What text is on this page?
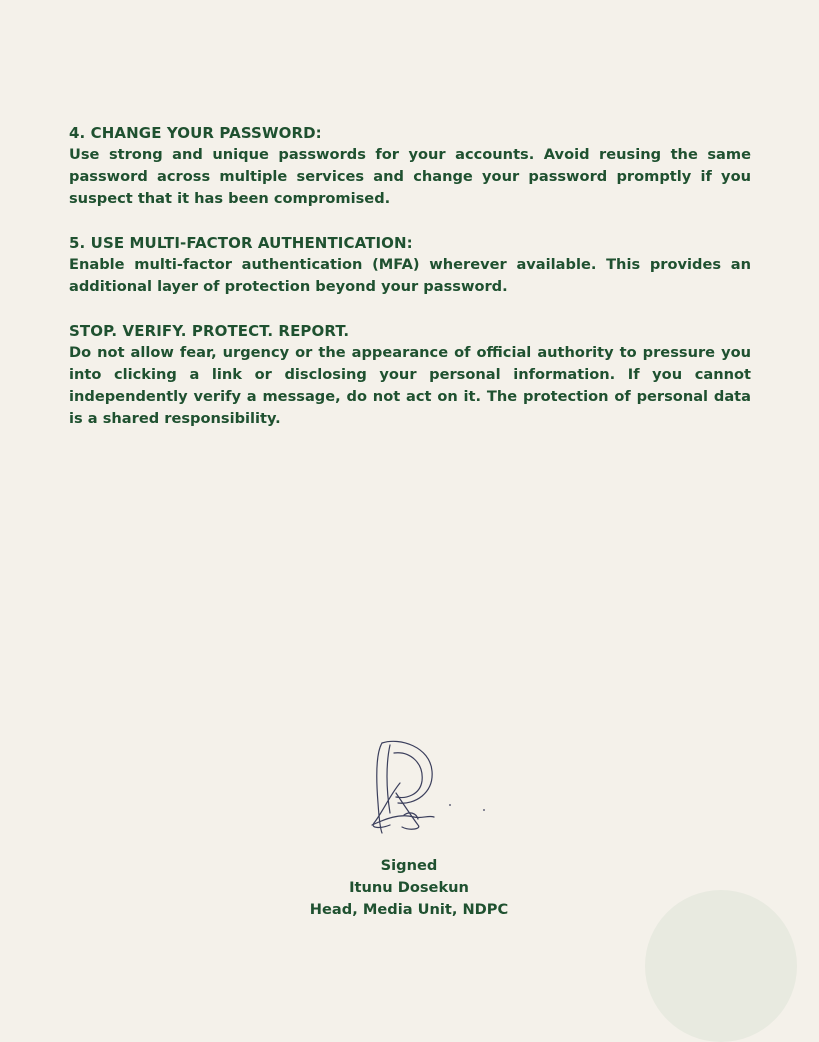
4. CHANGE YOUR PASSWORD:

Use strong and unique passwords for your accounts. Avoid reusing the same password across multiple services and change your password promptly if you suspect that it has been compromised.

5. USE MULTI-FACTOR AUTHENTICATION:

Enable multi-factor authentication (MFA) wherever available. This provides an additional layer of protection beyond your password.

STOP. VERIFY. PROTECT. REPORT.

Do not allow fear, urgency or the appearance of official authority to pressure you into clicking a link or disclosing your personal information. If you cannot independently verify a message, do not act on it. The protection of personal data is a shared responsibility.

Signed
Itunu Dosekun
Head, Media Unit, NDPC
